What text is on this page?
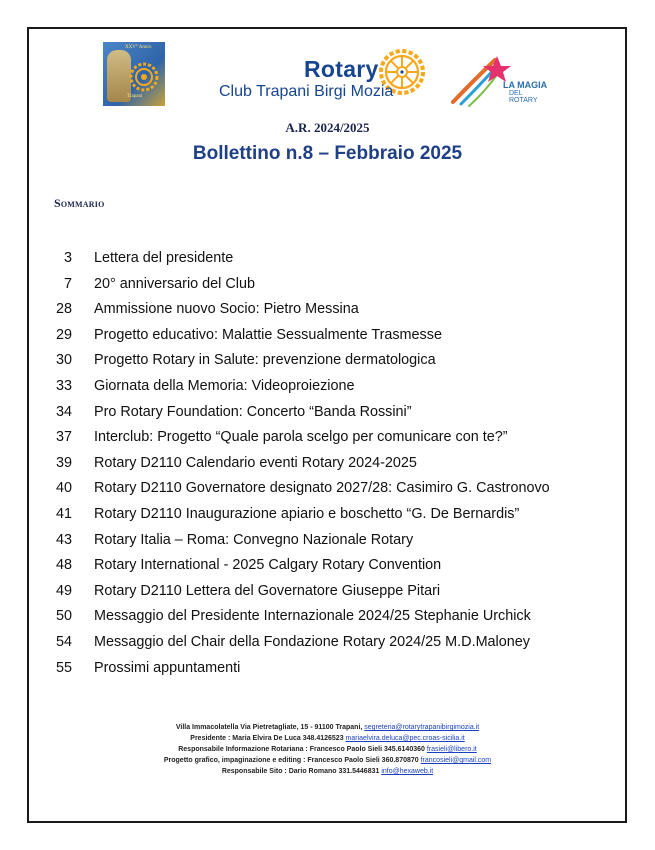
XXV° Anniv.
Trapani
Rotary
Club Trapani Birgi Mozia	LA MAGIA
DEL ROTARY
A.R. 2024/2025
Bollettino n.8 – Febbraio 2025
Sommario
3 Lettera del presidente
7 20° anniversario del Club
28 Ammissione nuovo Socio: Pietro Messina
29 Progetto educativo: Malattie Sessualmente Trasmesse
30 Progetto Rotary in Salute: prevenzione dermatologica
33 Giornata della Memoria: Videoproiezione
34 Pro Rotary Foundation: Concerto “Banda Rossini”
37 Interclub: Progetto “Quale parola scelgo per comunicare con te?”
39 Rotary D2110 Calendario eventi Rotary 2024-2025
40 Rotary D2110 Governatore designato 2027/28: Casimiro G. Castronovo
41 Rotary D2110 Inaugurazione apiario e boschetto “G. De Bernardis”
43 Rotary Italia – Roma: Convegno Nazionale Rotary
48 Rotary International - 2025 Calgary Rotary Convention
49 Rotary D2110 Lettera del Governatore Giuseppe Pitari
50 Messaggio del Presidente Internazionale 2024/25 Stephanie Urchick
54 Messaggio del Chair della Fondazione Rotary 2024/25 M.D.Maloney
55 Prossimi appuntamenti
Villa Immacolatella Via Pietretagliate, 15 - 91100 Trapani, segreteria@rotarytrapanibirgimozia.it
Presidente : Maria Elvira De Luca 348.4126523 mariaelvira.deluca@pec.croas-sicilia.it
Responsabile Informazione Rotariana : Francesco Paolo Sieli 345.6140360 frasieli@libero.it
Progetto grafico, impaginazione e editing : Francesco Paolo Sieli 360.870870 francosieli@gmail.com
Responsabile Sito : Dario Romano 331.5446831 info@hexaweb.it
